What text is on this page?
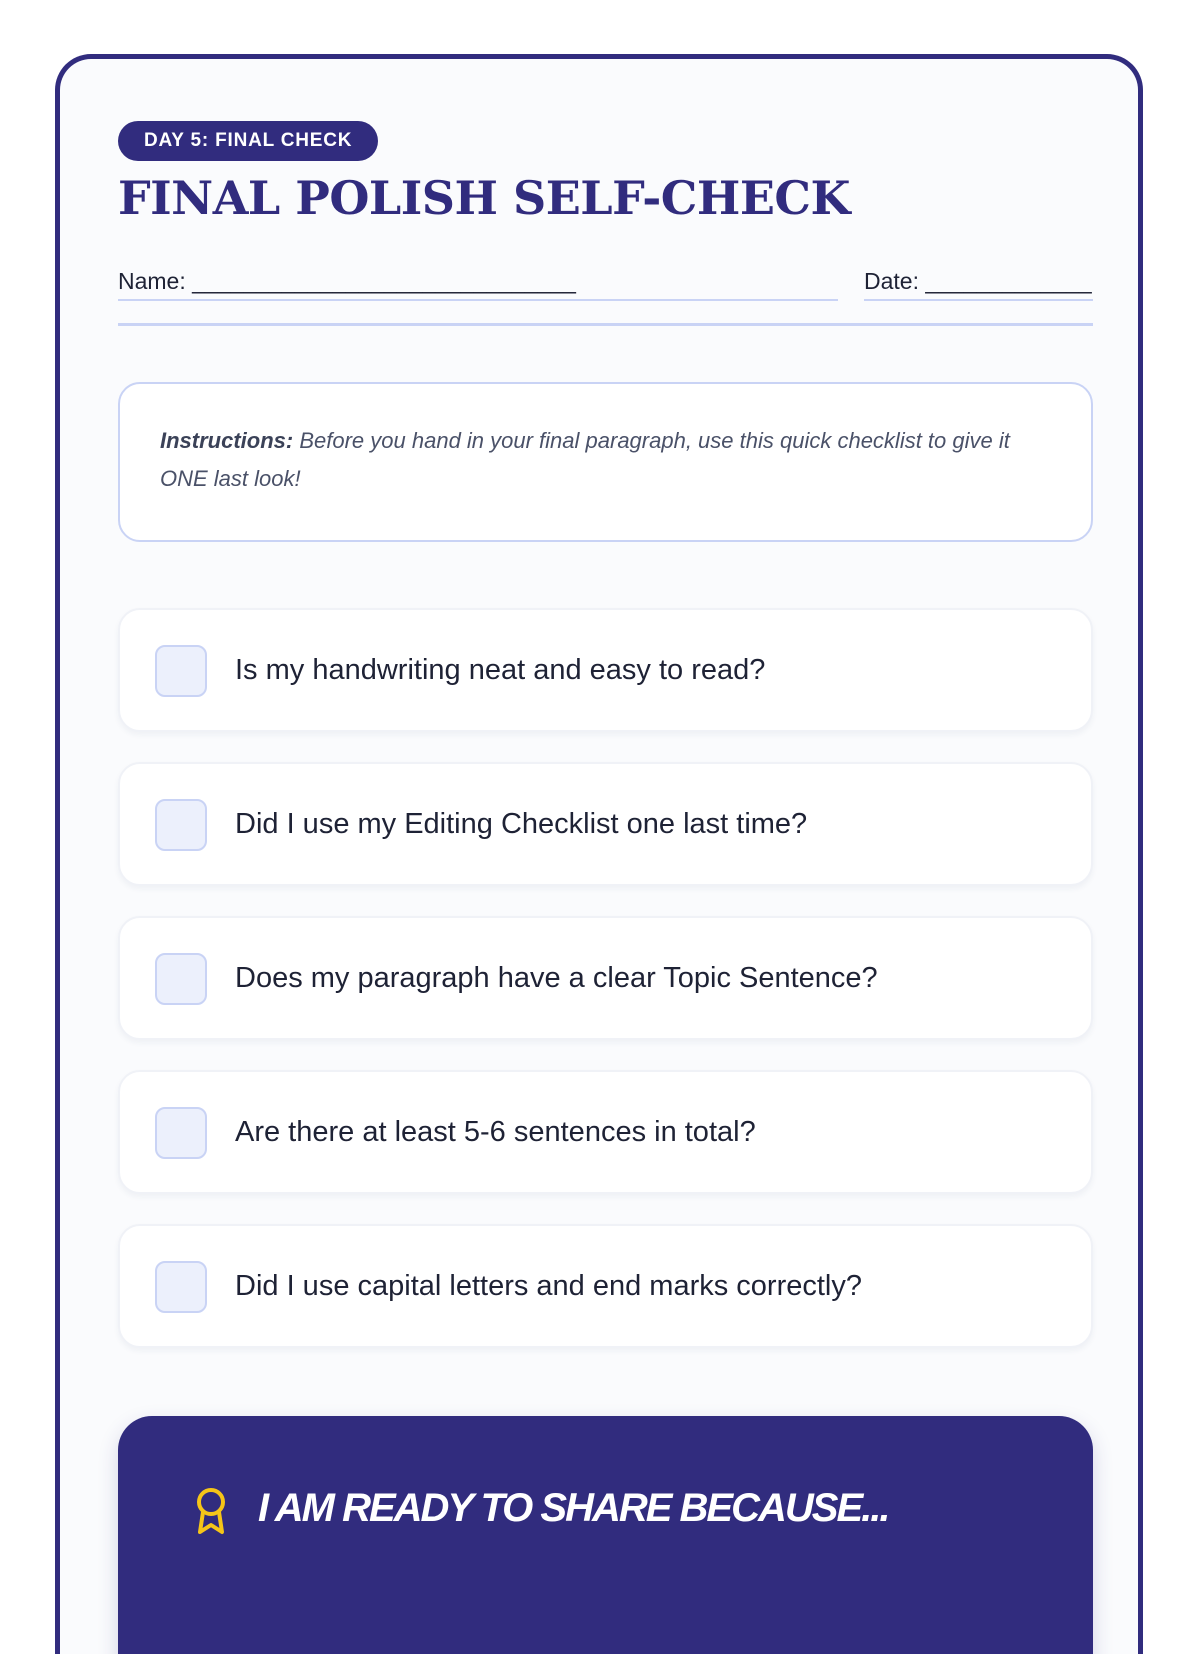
DAY 5: FINAL CHECK
FINAL POLISH SELF-CHECK
Name: ______________________________	Date: _____________
Instructions: Before you hand in your final paragraph, use this quick checklist to give it ONE last look!
Is my handwriting neat and easy to read?
Did I use my Editing Checklist one last time?
Does my paragraph have a clear Topic Sentence?
Are there at least 5-6 sentences in total?
Did I use capital letters and end marks correctly?
I AM READY TO SHARE BECAUSE...
